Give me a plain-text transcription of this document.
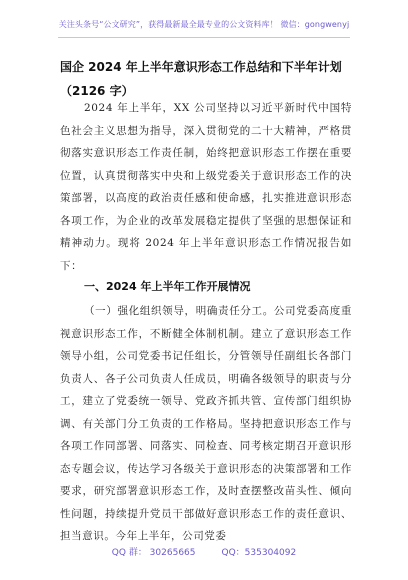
关注头条号“公文研究”，获得最新最全最专业的公文资料库！ 微信：gongwenyj
国企 2024 年上半年意识形态工作总结和下半年计划（2126 字）
2024 年上半年，XX 公司坚持以习近平新时代中国特色社会主义思想为指导，深入贯彻党的二十大精神，严格贯彻落实意识形态工作责任制，始终把意识形态工作摆在重要位置，认真贯彻落实中央和上级党委关于意识形态工作的决策部署，以高度的政治责任感和使命感，扎实推进意识形态各项工作，为企业的改革发展稳定提供了坚强的思想保证和精神动力。现将 2024 年上半年意识形态工作情况报告如下：
一、2024 年上半年工作开展情况
（一）强化组织领导，明确责任分工。公司党委高度重视意识形态工作，不断健全体制机制。建立了意识形态工作领导小组，公司党委书记任组长，分管领导任副组长各部门负责人、各子公司负责人任成员，明确各级领导的职责与分工，建立了党委统一领导、党政齐抓共管、宣传部门组织协调、有关部门分工负责的工作格局。坚持把意识形态工作与各项工作同部署、同落实、同检查、同考核定期召开意识形态专题会议，传达学习各级关于意识形态的决策部署和工作要求，研究部署意识形态工作，及时查摆整改苗头性、倾向性问题，持续提升党员干部做好意识形态工作的责任意识、担当意识。今年上半年，公司党委
QQ 群： 30265665	QQ：535304092
